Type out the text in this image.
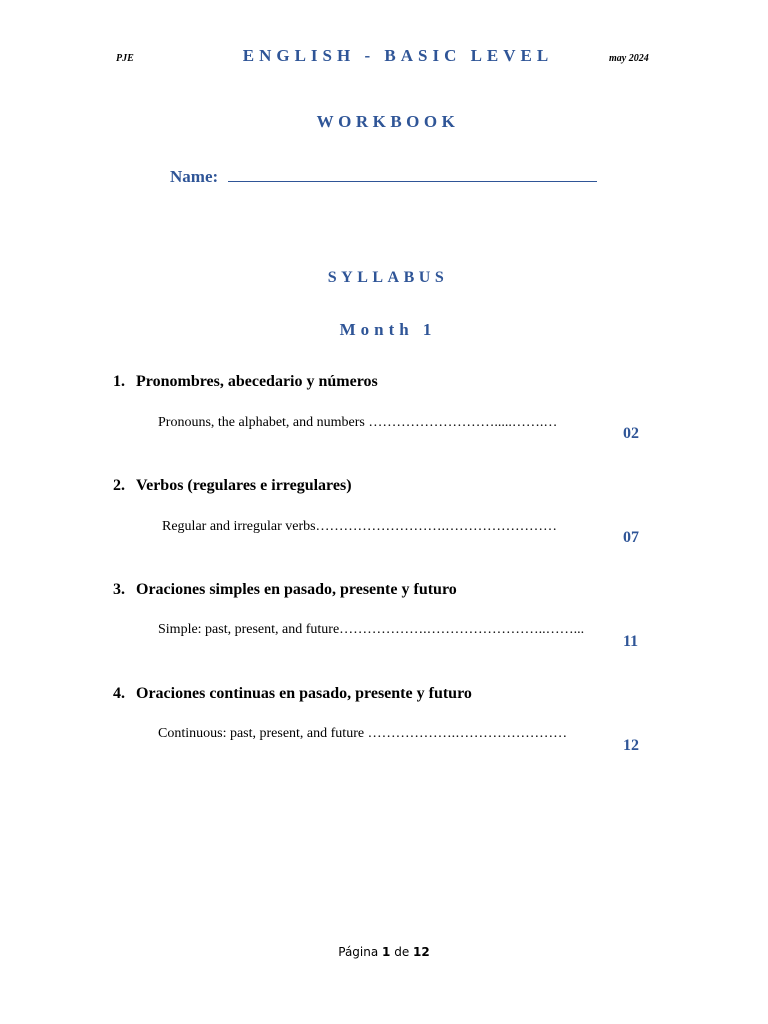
PJE	ENGLISH - BASIC LEVEL	may 2024
WORKBOOK
Name:
SYLLABUS
Month 1
1. Pronombres, abecedario y números
Pronouns, the alphabet, and numbers ……………………….....…….…
02
2. Verbos (regulares e irregulares)
Regular and irregular verbs……………………….……………………
07
3. Oraciones simples en pasado, presente y futuro
Simple: past, present, and future……………….……………………..……...
11
4. Oraciones continuas en pasado, presente y futuro
Continuous: past, present, and future ……………….……………………
12
Página 1 de 12
